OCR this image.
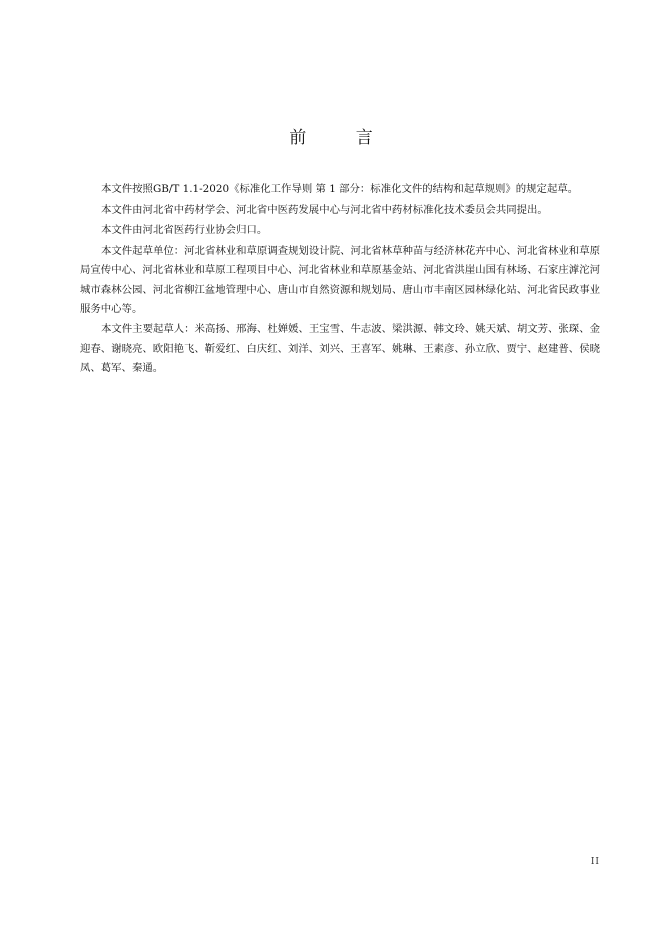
前 言

本文件按照GB/T 1.1-2020《标准化工作导则 第 1 部分：标准化文件的结构和起草规则》的规定起草。

本文件由河北省中药材学会、河北省中医药发展中心与河北省中药材标准化技术委员会共同提出。

本文件由河北省医药行业协会归口。

本文件起草单位：河北省林业和草原调查规划设计院、河北省林草种苗与经济林花卉中心、河北省林业和草原局宣传中心、河北省林业和草原工程项目中心、河北省林业和草原基金站、河北省洪崖山国有林场、石家庄滹沱河城市森林公园、河北省柳江盆地管理中心、唐山市自然资源和规划局、唐山市丰南区园林绿化站、河北省民政事业服务中心等。

本文件主要起草人：米高扬、邢海、杜婵媛、王宝雪、牛志波、梁洪源、韩文玲、姚天斌、胡文芳、张琛、金迎春、谢晓亮、欧阳艳飞、靳爱红、白庆红、刘洋、刘兴、王喜军、姚琳、王素彦、孙立欣、贾宁、赵建普、侯晓凤、葛军、秦通。

II
